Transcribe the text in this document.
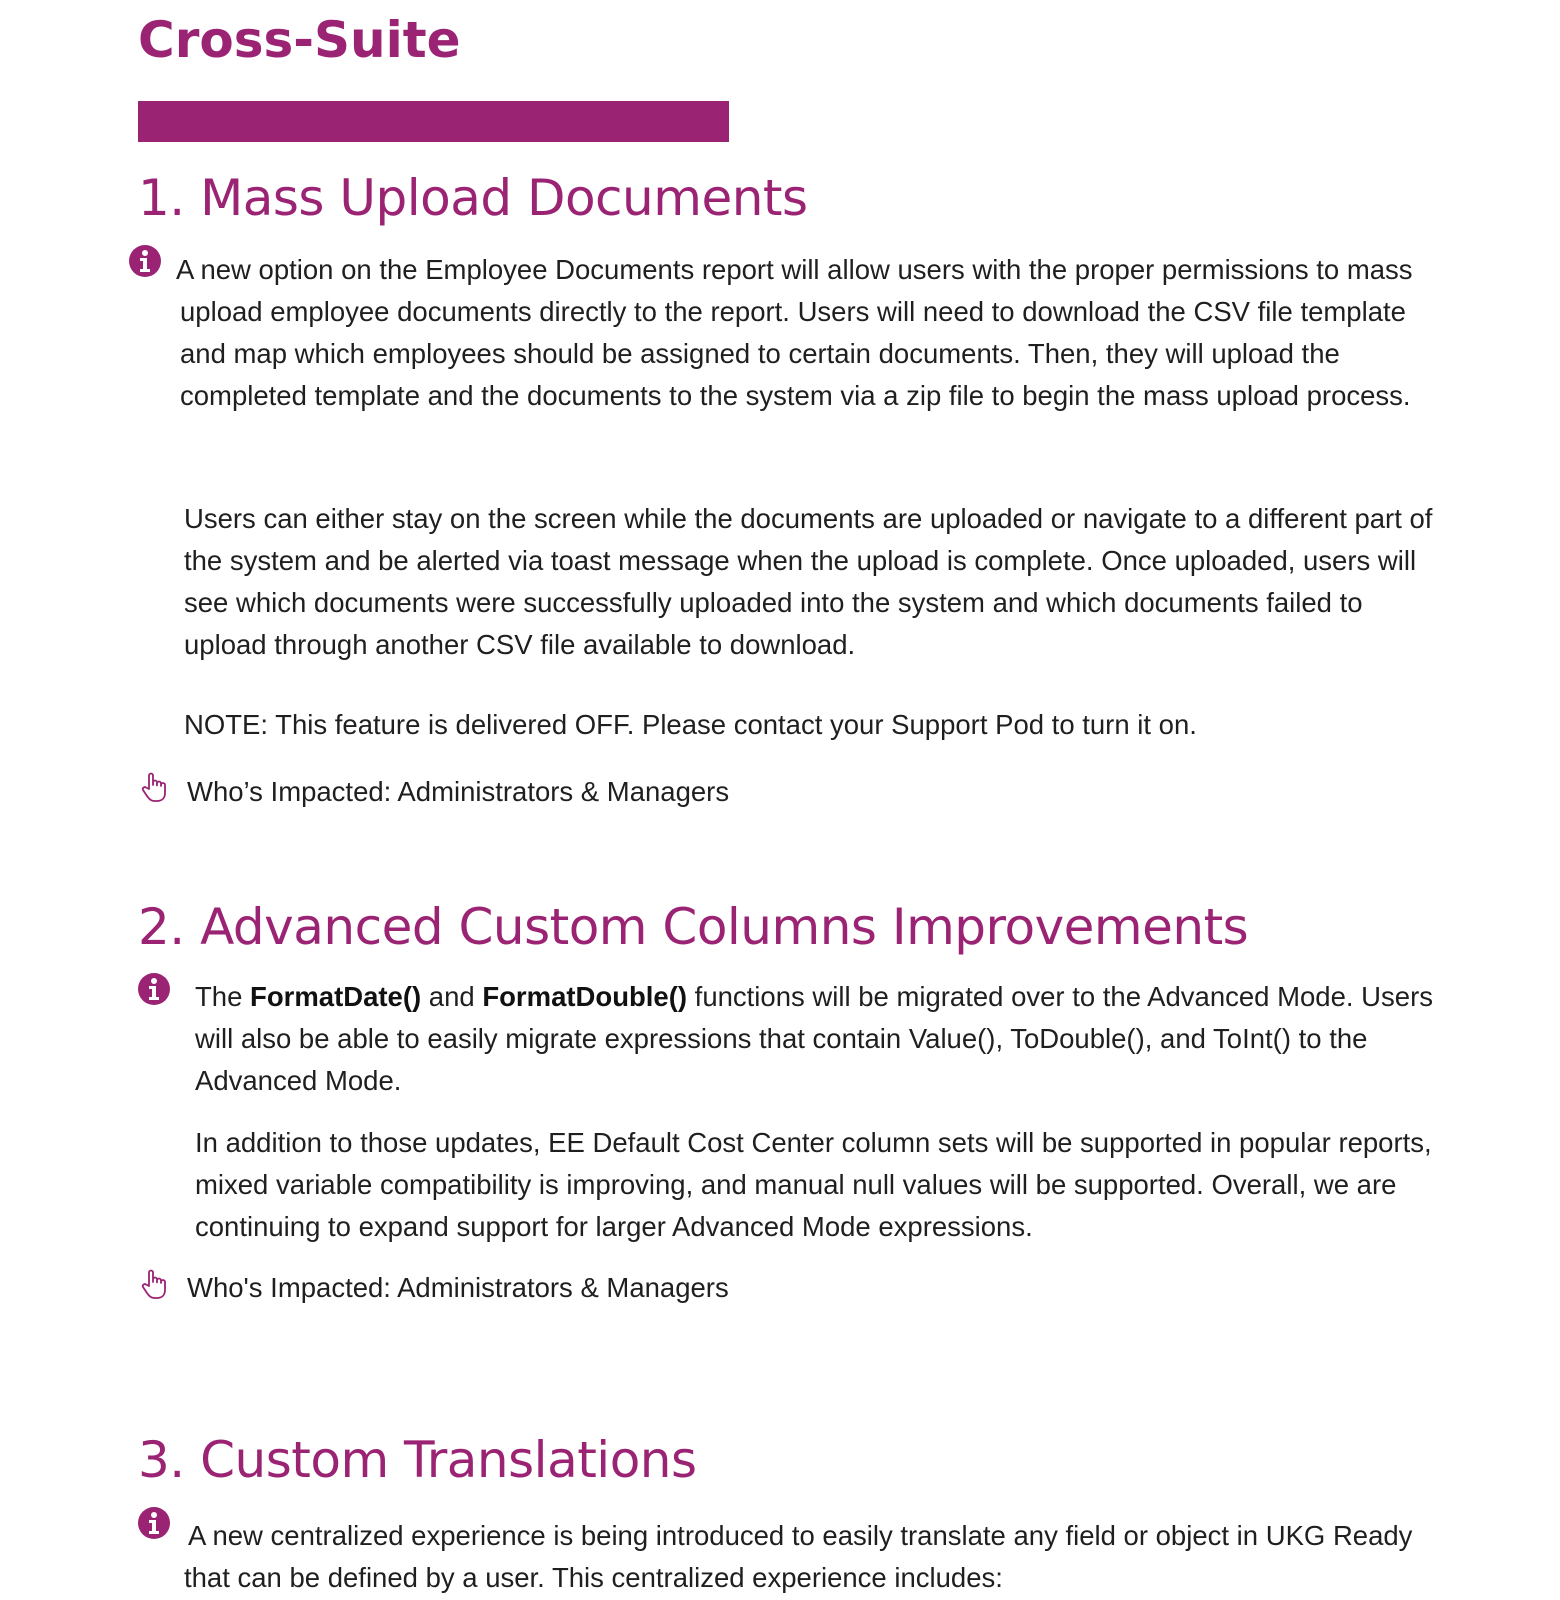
Cross-Suite
1. Mass Upload Documents

A new option on the Employee Documents report will allow users with the proper permissions to mass upload employee documents directly to the report. Users will need to download the CSV file template and map which employees should be assigned to certain documents. Then, they will upload the completed template and the documents to the system via a zip file to begin the mass upload process.

Users can either stay on the screen while the documents are uploaded or navigate to a different part of the system and be alerted via toast message when the upload is complete. Once uploaded, users will see which documents were successfully uploaded into the system and which documents failed to upload through another CSV file available to download.

NOTE: This feature is delivered OFF. Please contact your Support Pod to turn it on.

Who’s Impacted: Administrators & Managers

2. Advanced Custom Columns Improvements

The FormatDate() and FormatDouble() functions will be migrated over to the Advanced Mode. Users will also be able to easily migrate expressions that contain Value(), ToDouble(), and ToInt() to the Advanced Mode.

In addition to those updates, EE Default Cost Center column sets will be supported in popular reports, mixed variable compatibility is improving, and manual null values will be supported. Overall, we are continuing to expand support for larger Advanced Mode expressions.

Who's Impacted: Administrators & Managers

3. Custom Translations

A new centralized experience is being introduced to easily translate any field or object in UKG Ready that can be defined by a user. This centralized experience includes:
